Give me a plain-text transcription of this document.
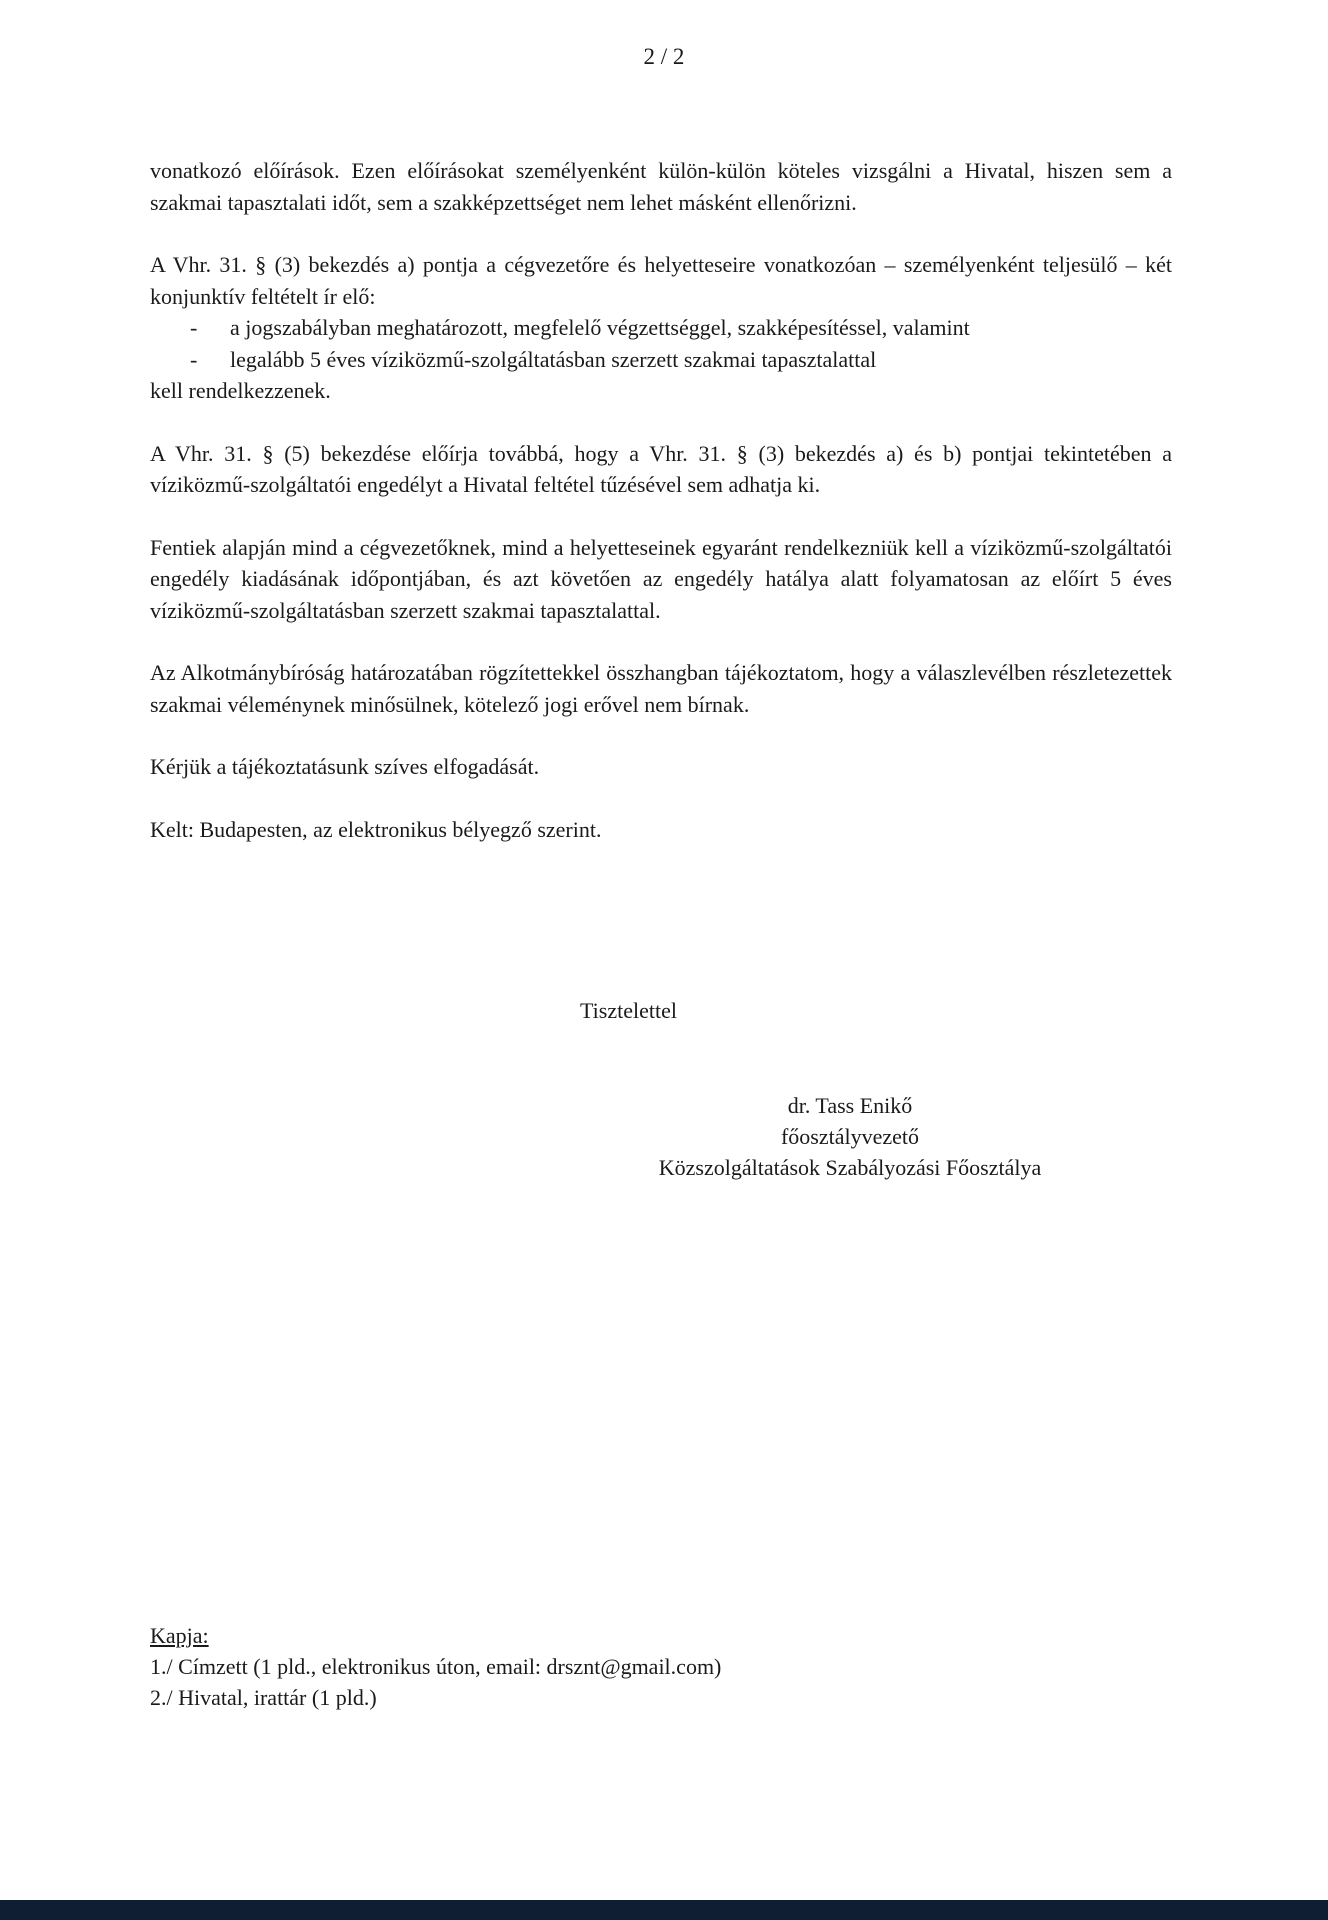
2 / 2

vonatkozó előírások. Ezen előírásokat személyenként külön-külön köteles vizsgálni a Hivatal, hiszen sem a szakmai tapasztalati időt, sem a szakképzettséget nem lehet másként ellenőrizni.

A Vhr. 31. § (3) bekezdés a) pontja a cégvezetőre és helyetteseire vonatkozóan – személyenként teljesülő – két konjunktív feltételt ír elő:

- a jogszabályban meghatározott, megfelelő végzettséggel, szakképesítéssel, valamint
- legalább 5 éves víziközmű-szolgáltatásban szerzett szakmai tapasztalattal

kell rendelkezzenek.

A Vhr. 31. § (5) bekezdése előírja továbbá, hogy a Vhr. 31. § (3) bekezdés a) és b) pontjai tekintetében a víziközmű-szolgáltatói engedélyt a Hivatal feltétel tűzésével sem adhatja ki.

Fentiek alapján mind a cégvezetőknek, mind a helyetteseinek egyaránt rendelkezniük kell a víziközmű-szolgáltatói engedély kiadásának időpontjában, és azt követően az engedély hatálya alatt folyamatosan az előírt 5 éves víziközmű-szolgáltatásban szerzett szakmai tapasztalattal.

Az Alkotmánybíróság határozatában rögzítettekkel összhangban tájékoztatom, hogy a válaszlevélben részletezettek szakmai véleménynek minősülnek, kötelező jogi erővel nem bírnak.

Kérjük a tájékoztatásunk szíves elfogadását.

Kelt: Budapesten, az elektronikus bélyegző szerint.

Tisztelettel
dr. Tass Enikő
főosztályvezető
Közszolgáltatások Szabályozási Főosztálya
Kapja:
1./ Címzett (1 pld., elektronikus úton, email: drsznt@gmail.com)
2./ Hivatal, irattár (1 pld.)
